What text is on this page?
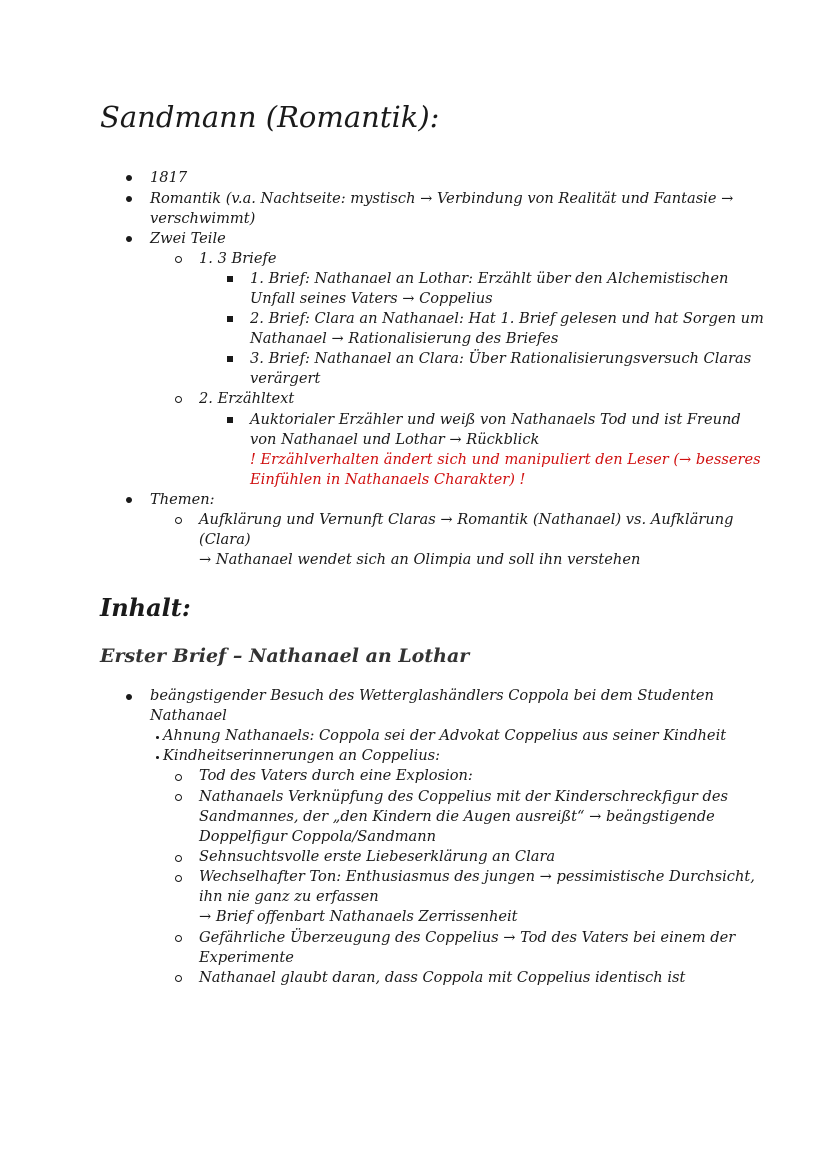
Sandmann (Romantik):
1817
Romantik (v.a. Nachtseite: mystisch → Verbindung von Realität und Fantasie →
verschwimmt)
Zwei Teile
1. 3 Briefe
1. Brief: Nathanael an Lothar: Erzählt über den Alchemistischen
Unfall seines Vaters → Coppelius
2. Brief: Clara an Nathanael: Hat 1. Brief gelesen und hat Sorgen um
Nathanael → Rationalisierung des Briefes
3. Brief: Nathanael an Clara: Über Rationalisierungsversuch Claras
verärgert
2. Erzähltext
Auktorialer Erzähler und weiß von Nathanaels Tod und ist Freund
von Nathanael und Lothar → Rückblick
! Erzählverhalten ändert sich und manipuliert den Leser (→ besseres
Einfühlen in Nathanaels Charakter) !
Themen:
Aufklärung und Vernunft Claras → Romantik (Nathanael) vs. Aufklärung
(Clara)
→ Nathanael wendet sich an Olimpia und soll ihn verstehen
Inhalt:
Erster Brief – Nathanael an Lothar
beängstigender Besuch des Wetterglashändlers Coppola bei dem Studenten
Nathanael
Ahnung Nathanaels: Coppola sei der Advokat Coppelius aus seiner Kindheit
Kindheitserinnerungen an Coppelius:
Tod des Vaters durch eine Explosion:
Nathanaels Verknüpfung des Coppelius mit der Kinderschreckfigur des
Sandmannes, der „den Kindern die Augen ausreißt“ → beängstigende
Doppelfigur Coppola/Sandmann
Sehnsuchtsvolle erste Liebeserklärung an Clara
Wechselhafter Ton: Enthusiasmus des jungen → pessimistische Durchsicht,
ihn nie ganz zu erfassen
→ Brief offenbart Nathanaels Zerrissenheit
Gefährliche Überzeugung des Coppelius → Tod des Vaters bei einem der
Experimente
Nathanael glaubt daran, dass Coppola mit Coppelius identisch ist
